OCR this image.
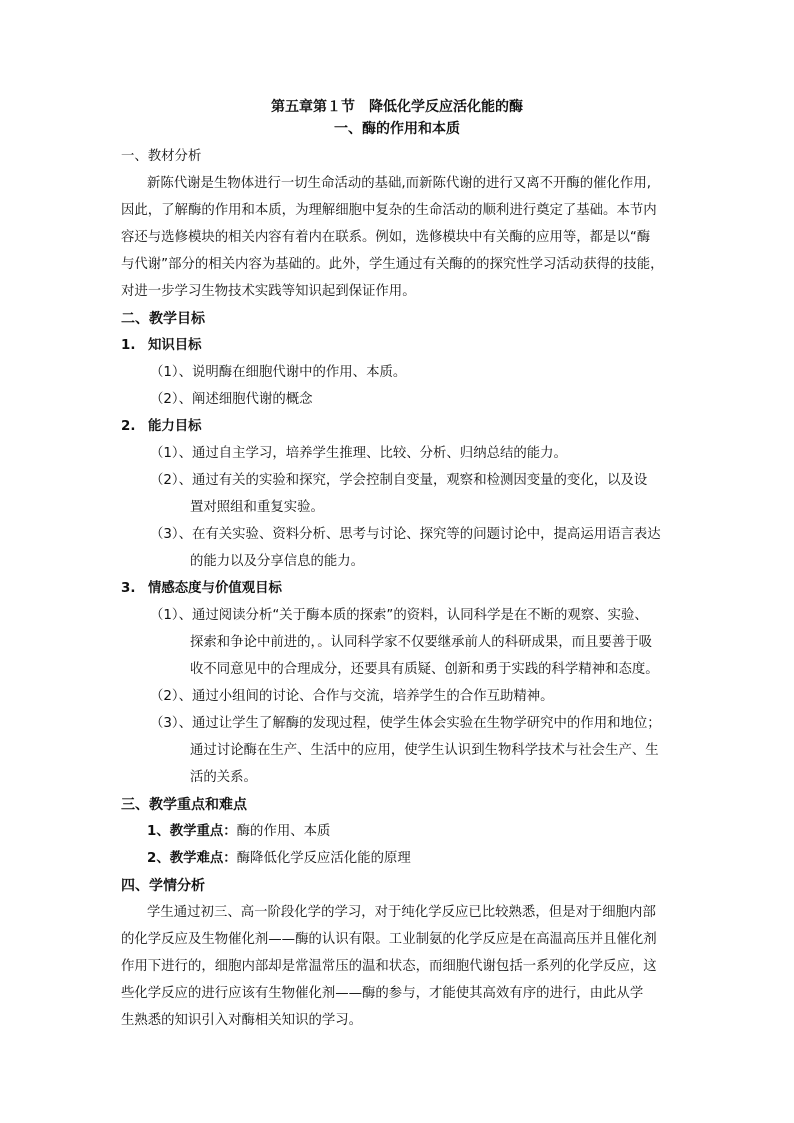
第五章第１节　降低化学反应活化能的酶
一、酶的作用和本质
一、教材分析
新陈代谢是生物体进行一切生命活动的基础,而新陈代谢的进行又离不开酶的催化作用,
因此，了解酶的作用和本质，为理解细胞中复杂的生命活动的顺利进行奠定了基础。本节内
容还与选修模块的相关内容有着内在联系。例如，选修模块中有关酶的应用等，都是以“酶
与代谢”部分的相关内容为基础的。此外，学生通过有关酶的的探究性学习活动获得的技能，
对进一步学习生物技术实践等知识起到保证作用。
二、教学目标
1. 知识目标
（1）、说明酶在细胞代谢中的作用、本质。
（2）、阐述细胞代谢的概念
2. 能力目标
（1）、通过自主学习，培养学生推理、比较、分析、归纳总结的能力。
（2）、通过有关的实验和探究，学会控制自变量，观察和检测因变量的变化，以及设
置对照组和重复实验。
（3）、在有关实验、资料分析、思考与讨论、探究等的问题讨论中，提高运用语言表达
的能力以及分享信息的能力。
3. 情感态度与价值观目标
（1）、通过阅读分析“关于酶本质的探索”的资料，认同科学是在不断的观察、实验、
探索和争论中前进的，。认同科学家不仅要继承前人的科研成果，而且要善于吸
收不同意见中的合理成分，还要具有质疑、创新和勇于实践的科学精神和态度。
（2）、通过小组间的讨论、合作与交流，培养学生的合作互助精神。
（3）、通过让学生了解酶的发现过程，使学生体会实验在生物学研究中的作用和地位；
通过讨论酶在生产、生活中的应用，使学生认识到生物科学技术与社会生产、生
活的关系。
三、教学重点和难点
1、教学重点：酶的作用、本质
2、教学难点：酶降低化学反应活化能的原理
四、学情分析
学生通过初三、高一阶段化学的学习，对于纯化学反应已比较熟悉，但是对于细胞内部
的化学反应及生物催化剂——酶的认识有限。工业制氨的化学反应是在高温高压并且催化剂
作用下进行的，细胞内部却是常温常压的温和状态，而细胞代谢包括一系列的化学反应，这
些化学反应的进行应该有生物催化剂——酶的参与，才能使其高效有序的进行，由此从学
生熟悉的知识引入对酶相关知识的学习。
